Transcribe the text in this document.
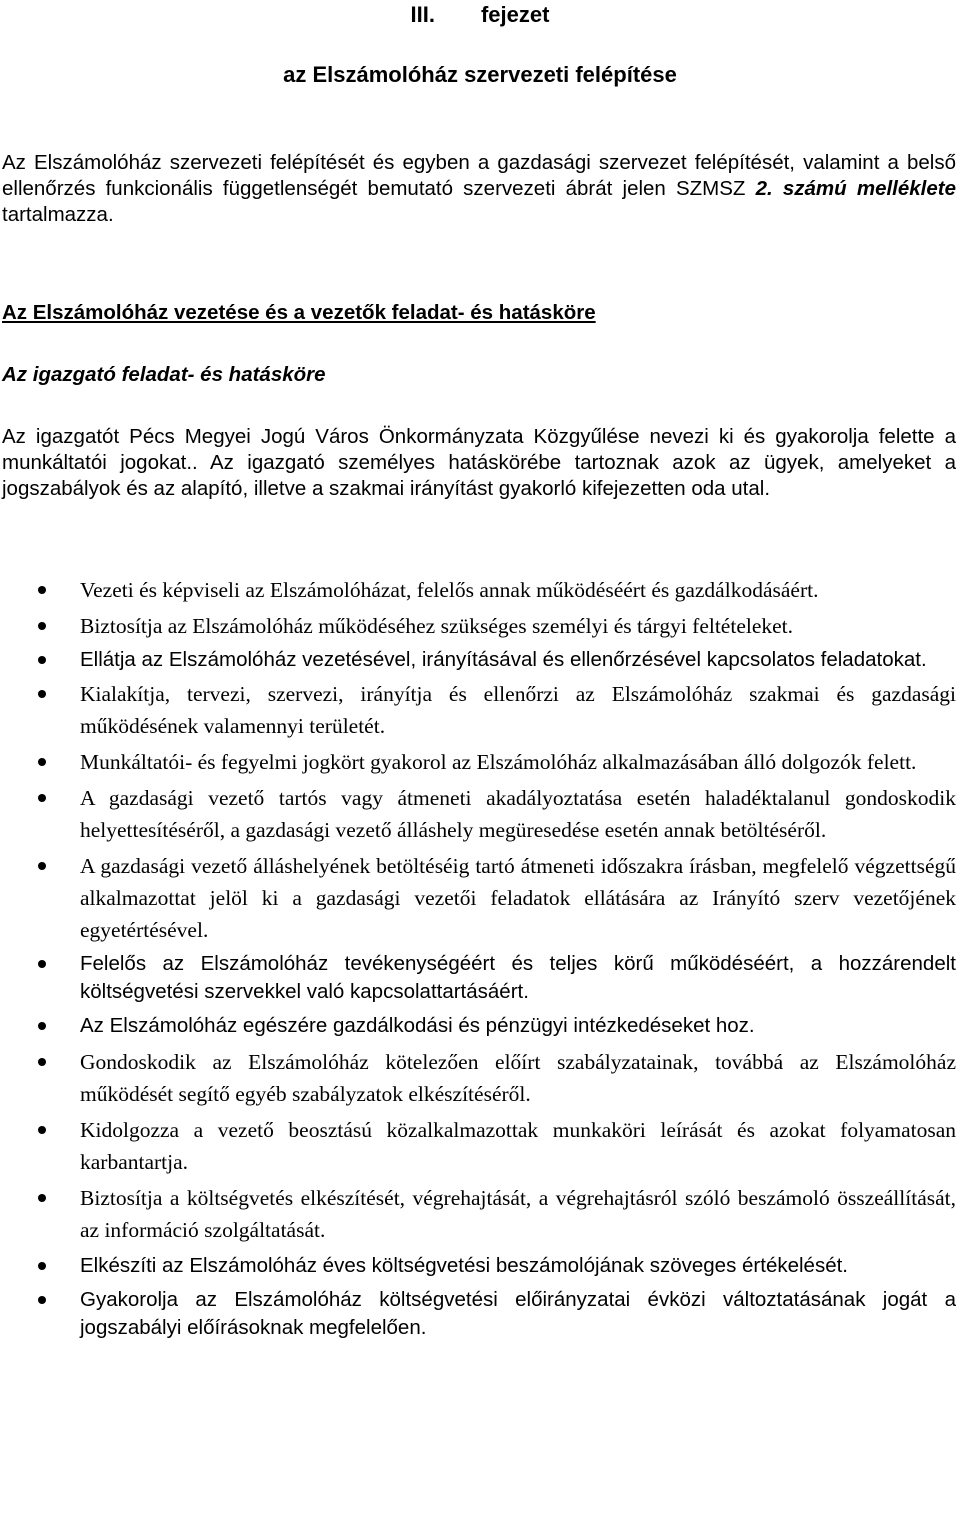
III. fejezet
az Elszámolóház szervezeti felépítése
Az Elszámolóház szervezeti felépítését és egyben a gazdasági szervezet felépítését, valamint a belső ellenőrzés funkcionális függetlenségét bemutató szervezeti ábrát jelen SZMSZ 2. számú melléklete tartalmazza.
Az Elszámolóház vezetése és a vezetők feladat- és hatásköre
Az igazgató feladat- és hatásköre
Az igazgatót Pécs Megyei Jogú Város Önkormányzata Közgyűlése nevezi ki és gyakorolja felette a munkáltatói jogokat.. Az igazgató személyes hatáskörébe tartoznak azok az ügyek, amelyeket a jogszabályok és az alapító, illetve a szakmai irányítást gyakorló kifejezetten oda utal.
Vezeti és képviseli az Elszámolóházat, felelős annak működéséért és gazdálkodásáért.
Biztosítja az Elszámolóház működéséhez szükséges személyi és tárgyi feltételeket.
Ellátja az Elszámolóház vezetésével, irányításával és ellenőrzésével kapcsolatos feladatokat.
Kialakítja, tervezi, szervezi, irányítja és ellenőrzi az Elszámolóház szakmai és gazdasági működésének valamennyi területét.
Munkáltatói- és fegyelmi jogkört gyakorol az Elszámolóház alkalmazásában álló dolgozók felett.
A gazdasági vezető tartós vagy átmeneti akadályoztatása esetén haladéktalanul gondoskodik helyettesítéséről, a gazdasági vezető álláshely megüresedése esetén annak betöltéséről.
A gazdasági vezető álláshelyének betöltéséig tartó átmeneti időszakra írásban, megfelelő végzettségű alkalmazottat jelöl ki a gazdasági vezetői feladatok ellátására az Irányító szerv vezetőjének egyetértésével.
Felelős az Elszámolóház tevékenységéért és teljes körű működéséért, a hozzárendelt költségvetési szervekkel való kapcsolattartásáért.
Az Elszámolóház egészére gazdálkodási és pénzügyi intézkedéseket hoz.
Gondoskodik az Elszámolóház kötelezően előírt szabályzatainak, továbbá az Elszámolóház működését segítő egyéb szabályzatok elkészítéséről.
Kidolgozza a vezető beosztású közalkalmazottak munkaköri leírását és azokat folyamatosan karbantartja.
Biztosítja a költségvetés elkészítését, végrehajtását, a végrehajtásról szóló beszámoló összeállítását, az információ szolgáltatását.
Elkészíti az Elszámolóház éves költségvetési beszámolójának szöveges értékelését.
Gyakorolja az Elszámolóház költségvetési előirányzatai évközi változtatásának jogát a jogszabályi előírásoknak megfelelően.
